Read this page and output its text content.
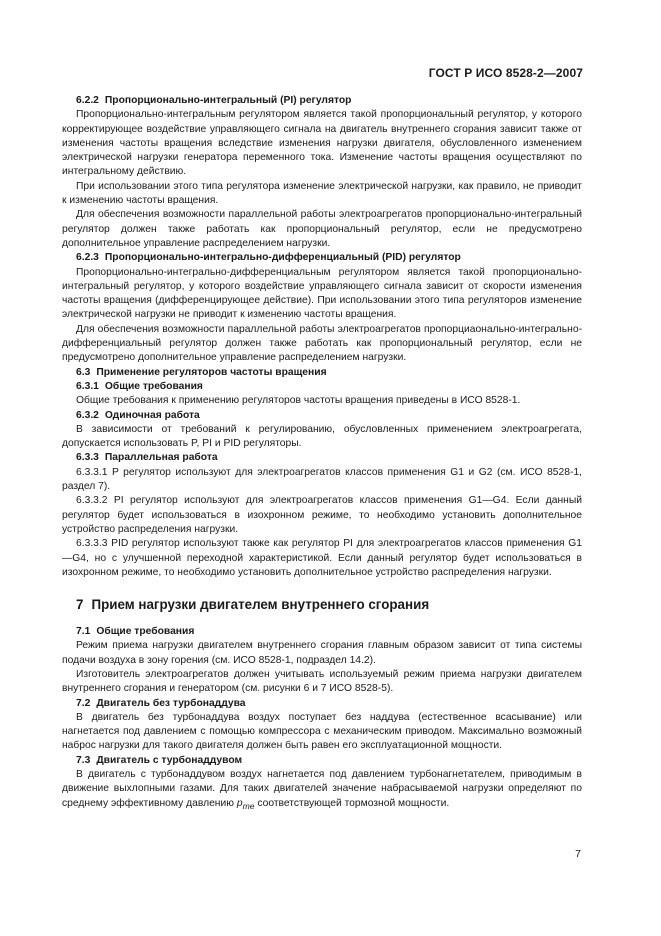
ГОСТ Р ИСО 8528-2—2007
6.2.2 Пропорционально-интегральный (PI) регулятор

Пропорционально-интегральным регулятором является такой пропорциональный регулятор, у которого корректирующее воздействие управляющего сигнала на двигатель внутреннего сгорания зависит также от изменения частоты вращения вследствие изменения нагрузки двигателя, обусловленного изменением электрической нагрузки генератора переменного тока. Изменение частоты вращения осуществляют по интегральному действию.

При использовании этого типа регулятора изменение электрической нагрузки, как правило, не приводит к изменению частоты вращения.

Для обеспечения возможности параллельной работы электроагрегатов пропорционально-интегральный регулятор должен также работать как пропорциональный регулятор, если не предусмотрено дополнительное управление распределением нагрузки.

6.2.3 Пропорционально-интегрально-дифференциальный (PID) регулятор

Пропорционально-интегрально-дифференциальным регулятором является такой пропорционально-интегральный регулятор, у которого воздействие управляющего сигнала зависит от скорости изменения частоты вращения (дифференцирующее действие). При использовании этого типа регуляторов изменение электрической нагрузки не приводит к изменению частоты вращения.

Для обеспечения возможности параллельной работы электроагрегатов пропорциаонально-интегрально-дифференциальный регулятор должен также работать как пропорциональный регулятор, если не предусмотрено дополнительное управление распределением нагрузки.

6.3 Применение регуляторов частоты вращения
6.3.1 Общие требования

Общие требования к применению регуляторов частоты вращения приведены в ИСО 8528-1.

6.3.2 Одиночная работа

В зависимости от требований к регулированию, обусловленных применением электроагрегата, допускается использовать P, PI и PID регуляторы.

6.3.3 Параллельная работа

6.3.3.1 P регулятор используют для электроагрегатов классов применения G1 и G2 (см. ИСО 8528-1, раздел 7).

6.3.3.2 PI регулятор используют для электроагрегатов классов применения G1—G4. Если данный регулятор будет использоваться в изохронном режиме, то необходимо установить дополнительное устройство распределения нагрузки.

6.3.3.3 PID регулятор используют также как регулятор PI для электроагрегатов классов применения G1—G4, но с улучшенной переходной характеристикой. Если данный регулятор будет использоваться в изохронном режиме, то необходимо установить дополнительное устройство распределения нагрузки.

7 Прием нагрузки двигателем внутреннего сгорания
7.1 Общие требования

Режим приема нагрузки двигателем внутреннего сгорания главным образом зависит от типа системы подачи воздуха в зону горения (см. ИСО 8528-1, подраздел 14.2).

Изготовитель электроагрегатов должен учитывать используемый режим приема нагрузки двигателем внутреннего сгорания и генератором (см. рисунки 6 и 7 ИСО 8528-5).

7.2 Двигатель без турбонаддува

В двигатель без турбонаддува воздух поступает без наддува (естественное всасывание) или нагнетается под давлением с помощью компрессора с механическим приводом. Максимально возможный наброс нагрузки для такого двигателя должен быть равен его эксплуатационной мощности.

7.3 Двигатель с турбонаддувом

В двигатель с турбонаддувом воздух нагнетается под давлением турбонагнетателем, приводимым в движение выхлопными газами. Для таких двигателей значение набрасываемой нагрузки определяют по среднему эффективному давлению $p_{me}$ соответствующей тормозной мощности.

7
